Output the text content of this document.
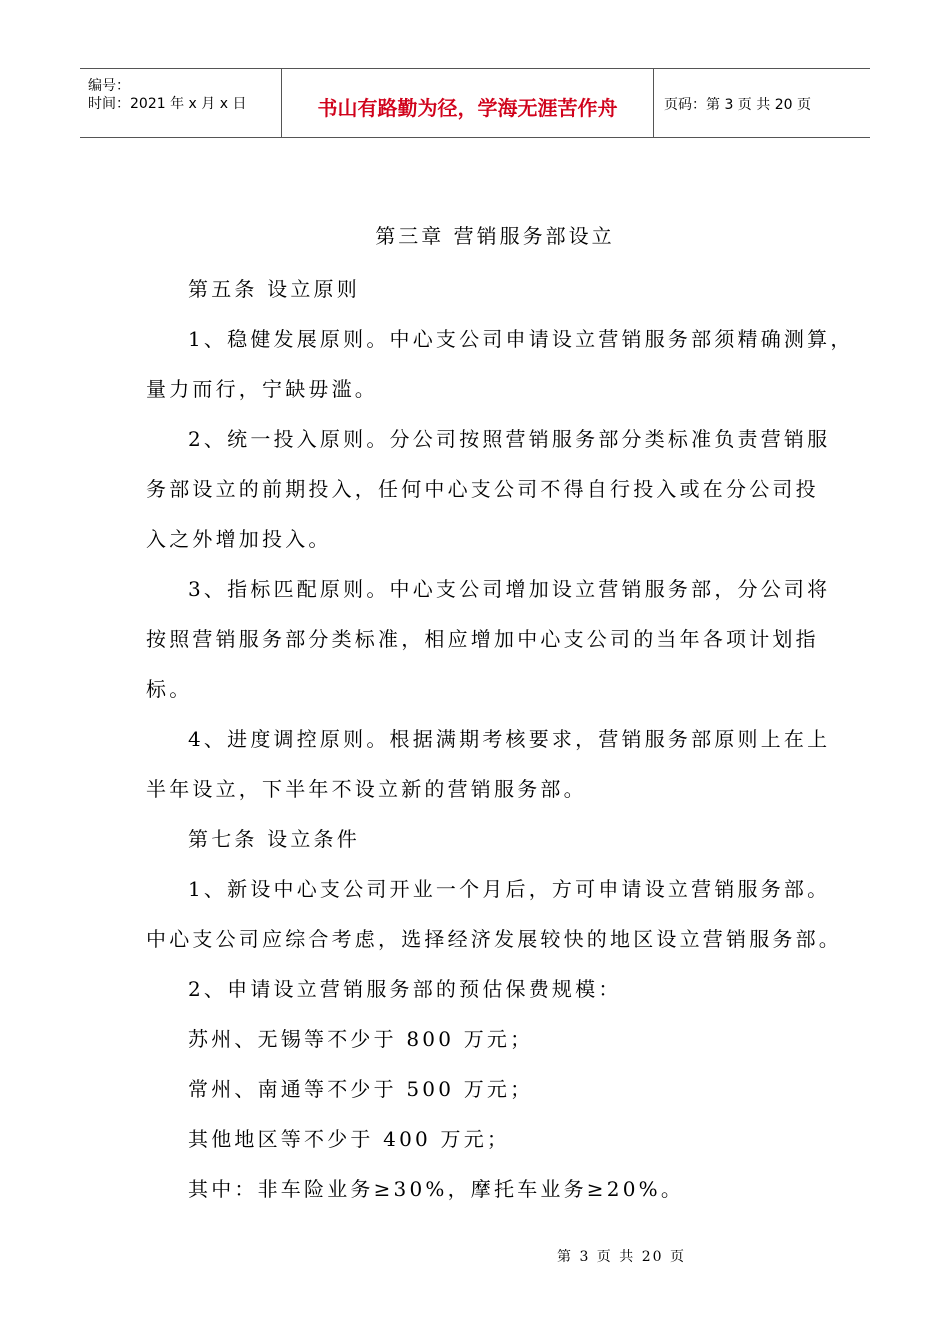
编号：
时间：2021 年 x 月 x 日	书山有路勤为径，学海无涯苦作舟	页码：第 3 页 共 20 页
第三章 营销服务部设立
第五条 设立原则
1、稳健发展原则。中心支公司申请设立营销服务部须精确测算，
量力而行，宁缺毋滥。
2、统一投入原则。分公司按照营销服务部分类标准负责营销服
务部设立的前期投入，任何中心支公司不得自行投入或在分公司投
入之外增加投入。
3、指标匹配原则。中心支公司增加设立营销服务部，分公司将
按照营销服务部分类标准，相应增加中心支公司的当年各项计划指
标。
4、进度调控原则。根据满期考核要求，营销服务部原则上在上
半年设立，下半年不设立新的营销服务部。
第七条 设立条件
1、新设中心支公司开业一个月后，方可申请设立营销服务部。
中心支公司应综合考虑，选择经济发展较快的地区设立营销服务部。
2、申请设立营销服务部的预估保费规模：
苏州、无锡等不少于 800 万元；
常州、南通等不少于 500 万元；
其他地区等不少于 400 万元；
其中：非车险业务≥30%，摩托车业务≥20%。
第 3 页 共 20 页
